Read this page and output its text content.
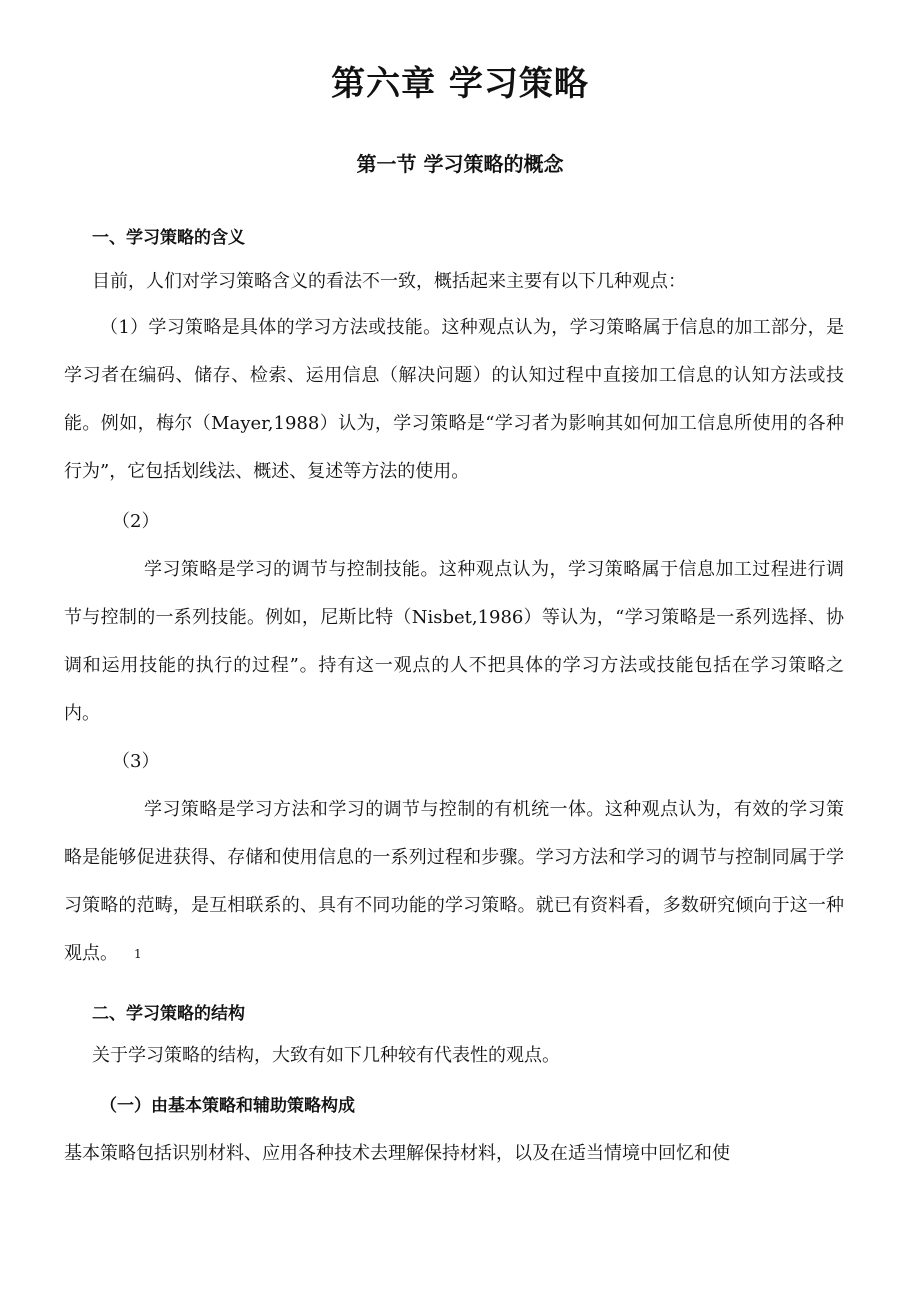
第六章 学习策略
第一节 学习策略的概念
一、学习策略的含义

目前，人们对学习策略含义的看法不一致，概括起来主要有以下几种观点：

（1）学习策略是具体的学习方法或技能。这种观点认为，学习策略属于信息的加工部分，是学习者在编码、储存、检索、运用信息（解决问题）的认知过程中直接加工信息的认知方法或技能。例如，梅尔（Mayer,1988）认为，学习策略是“学习者为影响其如何加工信息所使用的各种行为”，它包括划线法、概述、复述等方法的使用。

（2）

学习策略是学习的调节与控制技能。这种观点认为，学习策略属于信息加工过程进行调节与控制的一系列技能。例如，尼斯比特（Nisbet,1986）等认为，“学习策略是一系列选择、协调和运用技能的执行的过程”。持有这一观点的人不把具体的学习方法或技能包括在学习策略之内。

（3）

学习策略是学习方法和学习的调节与控制的有机统一体。这种观点认为，有效的学习策略是能够促进获得、存储和使用信息的一系列过程和步骤。学习方法和学习的调节与控制同属于学习策略的范畴，是互相联系的、具有不同功能的学习策略。就已有资料看，多数研究倾向于这一种观点。 1

二、学习策略的结构

关于学习策略的结构，大致有如下几种较有代表性的观点。

（一）由基本策略和辅助策略构成

基本策略包括识别材料、应用各种技术去理解保持材料，以及在适当情境中回忆和使
